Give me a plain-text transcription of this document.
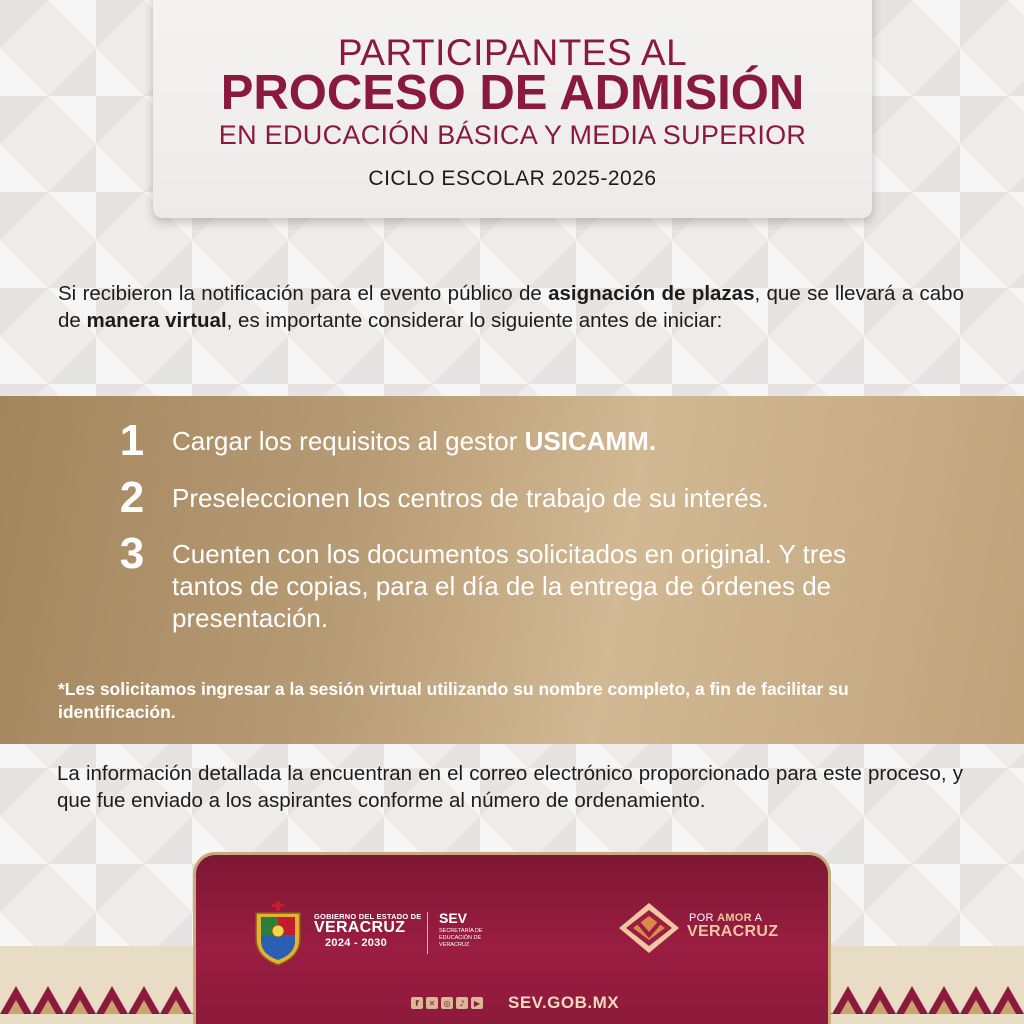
PARTICIPANTES AL
PROCESO DE ADMISIÓN
EN EDUCACIÓN BÁSICA Y MEDIA SUPERIOR
CICLO ESCOLAR 2025-2026

Si recibieron la notificación para el evento público de asignación de plazas, que se llevará a cabo de manera virtual, es importante considerar lo siguiente antes de iniciar:

1 Cargar los requisitos al gestor USICAMM.
2 Preseleccionen los centros de trabajo de su interés.
3 Cuenten con los documentos solicitados en original. Y tres tantos de copias, para el día de la entrega de órdenes de presentación.

*Les solicitamos ingresar a la sesión virtual utilizando su nombre completo, a fin de facilitar su identificación.

La información detallada la encuentran en el correo electrónico proporcionado para este proceso, y que fue enviado a los aspirantes conforme al número de ordenamiento.

GOBIERNO DEL ESTADO DE
VERACRUZ
2024 - 2030
SEV
SECRETARÍA DE EDUCACIÓN DE VERACRUZ
POR AMOR A
VERACRUZ
f	✕	◎	♪	▶ SEV.GOB.MX
